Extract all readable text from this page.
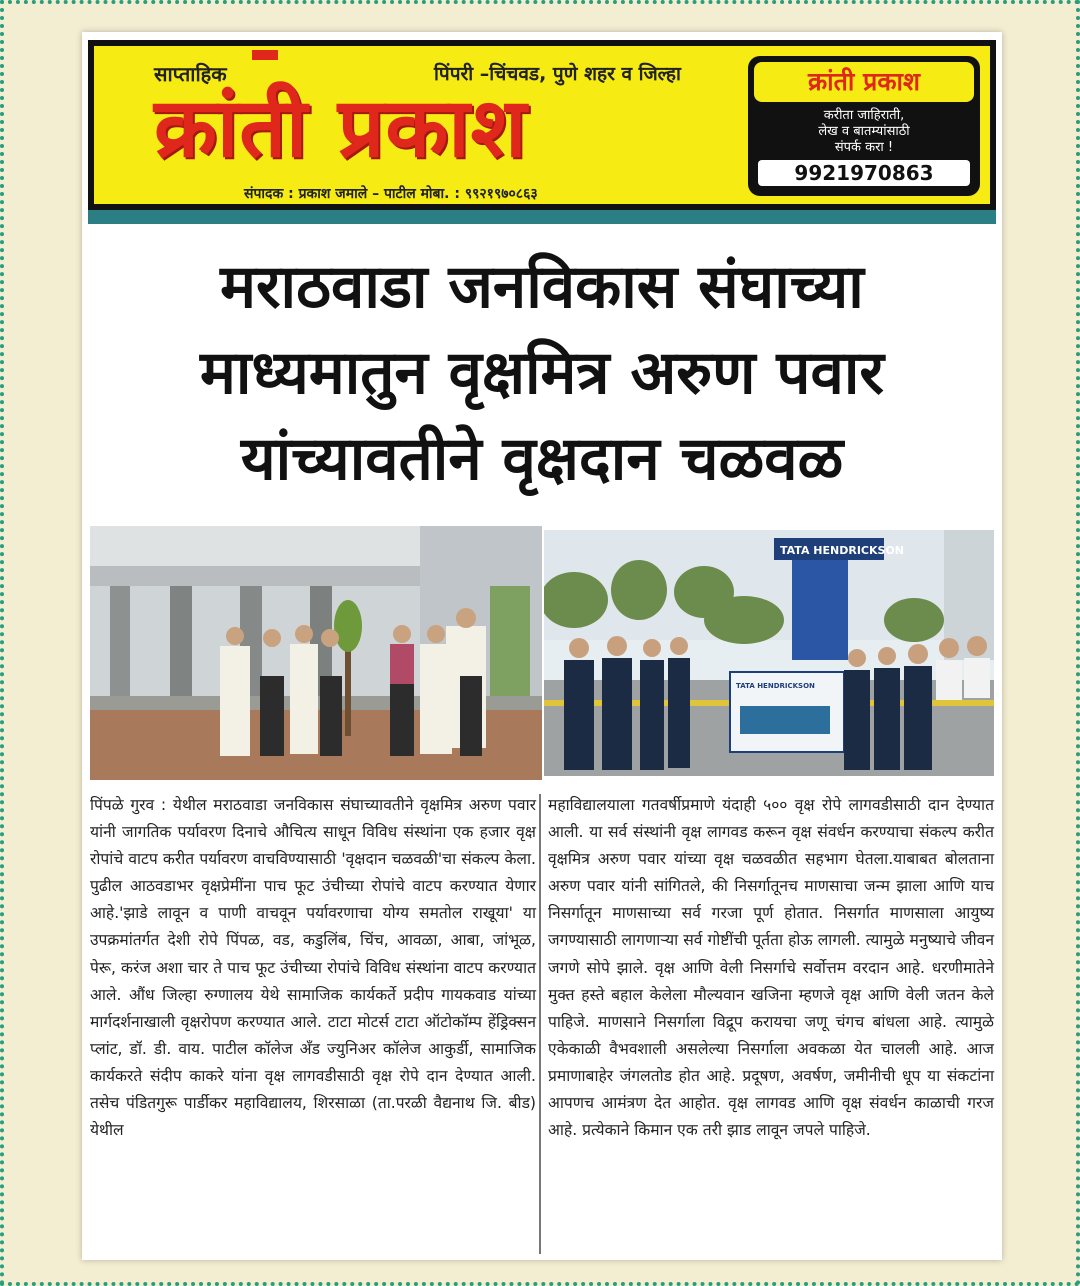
साप्ताहिक	पिंपरी –चिंचवड, पुणे शहर व जिल्हा
क्रांती प्रकाश
संपादक : प्रकाश जमाले – पाटील मोबा. : ९९२१९७०८६३
क्रांती प्रकाश
करीता जाहिराती,
लेख व बातम्यांसाठी
संपर्क करा !
9921970863
मराठवाडा जनविकास संघाच्या
माध्यमातुन वृक्षमित्र अरुण पवार
यांच्यावतीने वृक्षदान चळवळ
TATA HENDRICKSON
TATA HENDRICKSON
पिंपळे गुरव : येथील मराठवाडा जनविकास संघाच्यावतीने वृक्षमित्र अरुण पवार यांनी जागतिक पर्यावरण दिनाचे औचित्य साधून विविध संस्थांना एक हजार वृक्ष रोपांचे वाटप करीत पर्यावरण वाचविण्यासाठी 'वृक्षदान चळवळी'चा संकल्प केला. पुढील आठवडाभर वृक्षप्रेमींना पाच फूट उंचीच्या रोपांचे वाटप करण्यात येणार आहे.'झाडे लावून व पाणी वाचवून पर्यावरणाचा योग्य समतोल राखूया' या उपक्रमांतर्गत देशी रोपे पिंपळ, वड, कडुलिंब, चिंच, आवळा, आबा, जांभूळ, पेरू, करंज अशा चार ते पाच फूट उंचीच्या रोपांचे विविध संस्थांना वाटप करण्यात आले. औंध जिल्हा रुग्णालय येथे सामाजिक कार्यकर्ते प्रदीप गायकवाड यांच्या मार्गदर्शनाखाली वृक्षरोपण करण्यात आले. टाटा मोटर्स टाटा ऑटोकॉम्प हेंड्रिक्सन प्लांट, डॉ. डी. वाय. पाटील कॉलेज अँड ज्युनिअर कॉलेज आकुर्डी, सामाजिक कार्यकरते संदीप काकरे यांना वृक्ष लागवडीसाठी वृक्ष रोपे दान देण्यात आली. तसेच पंडितगुरू पार्डीकर महाविद्यालय, शिरसाळा (ता.परळी वैद्यनाथ जि. बीड) येथील
महाविद्यालयाला गतवर्षीप्रमाणे यंदाही ५०० वृक्ष रोपे लागवडीसाठी दान देण्यात आली. या सर्व संस्थांनी वृक्ष लागवड करून वृक्ष संवर्धन करण्याचा संकल्प करीत वृक्षमित्र अरुण पवार यांच्या वृक्ष चळवळीत सहभाग घेतला.याबाबत बोलताना अरुण पवार यांनी सांगितले, की निसर्गातूनच माणसाचा जन्म झाला आणि याच निसर्गातून माणसाच्या सर्व गरजा पूर्ण होतात. निसर्गात माणसाला आयुष्य जगण्यासाठी लागणाऱ्या सर्व गोष्टींची पूर्तता होऊ लागली. त्यामुळे मनुष्याचे जीवन जगणे सोपे झाले. वृक्ष आणि वेली निसर्गाचे सर्वोत्तम वरदान आहे. धरणीमातेने मुक्त हस्ते बहाल केलेला मौल्यवान खजिना म्हणजे वृक्ष आणि वेली जतन केले पाहिजे. माणसाने निसर्गाला विद्रूप करायचा जणू चंगच बांधला आहे. त्यामुळे एकेकाळी वैभवशाली असलेल्या निसर्गाला अवकळा येत चालली आहे. आज प्रमाणाबाहेर जंगलतोड होत आहे. प्रदूषण, अवर्षण, जमीनीची धूप या संकटांना आपणच आमंत्रण देत आहोत. वृक्ष लागवड आणि वृक्ष संवर्धन काळाची गरज आहे. प्रत्येकाने किमान एक तरी झाड लावून जपले पाहिजे.
